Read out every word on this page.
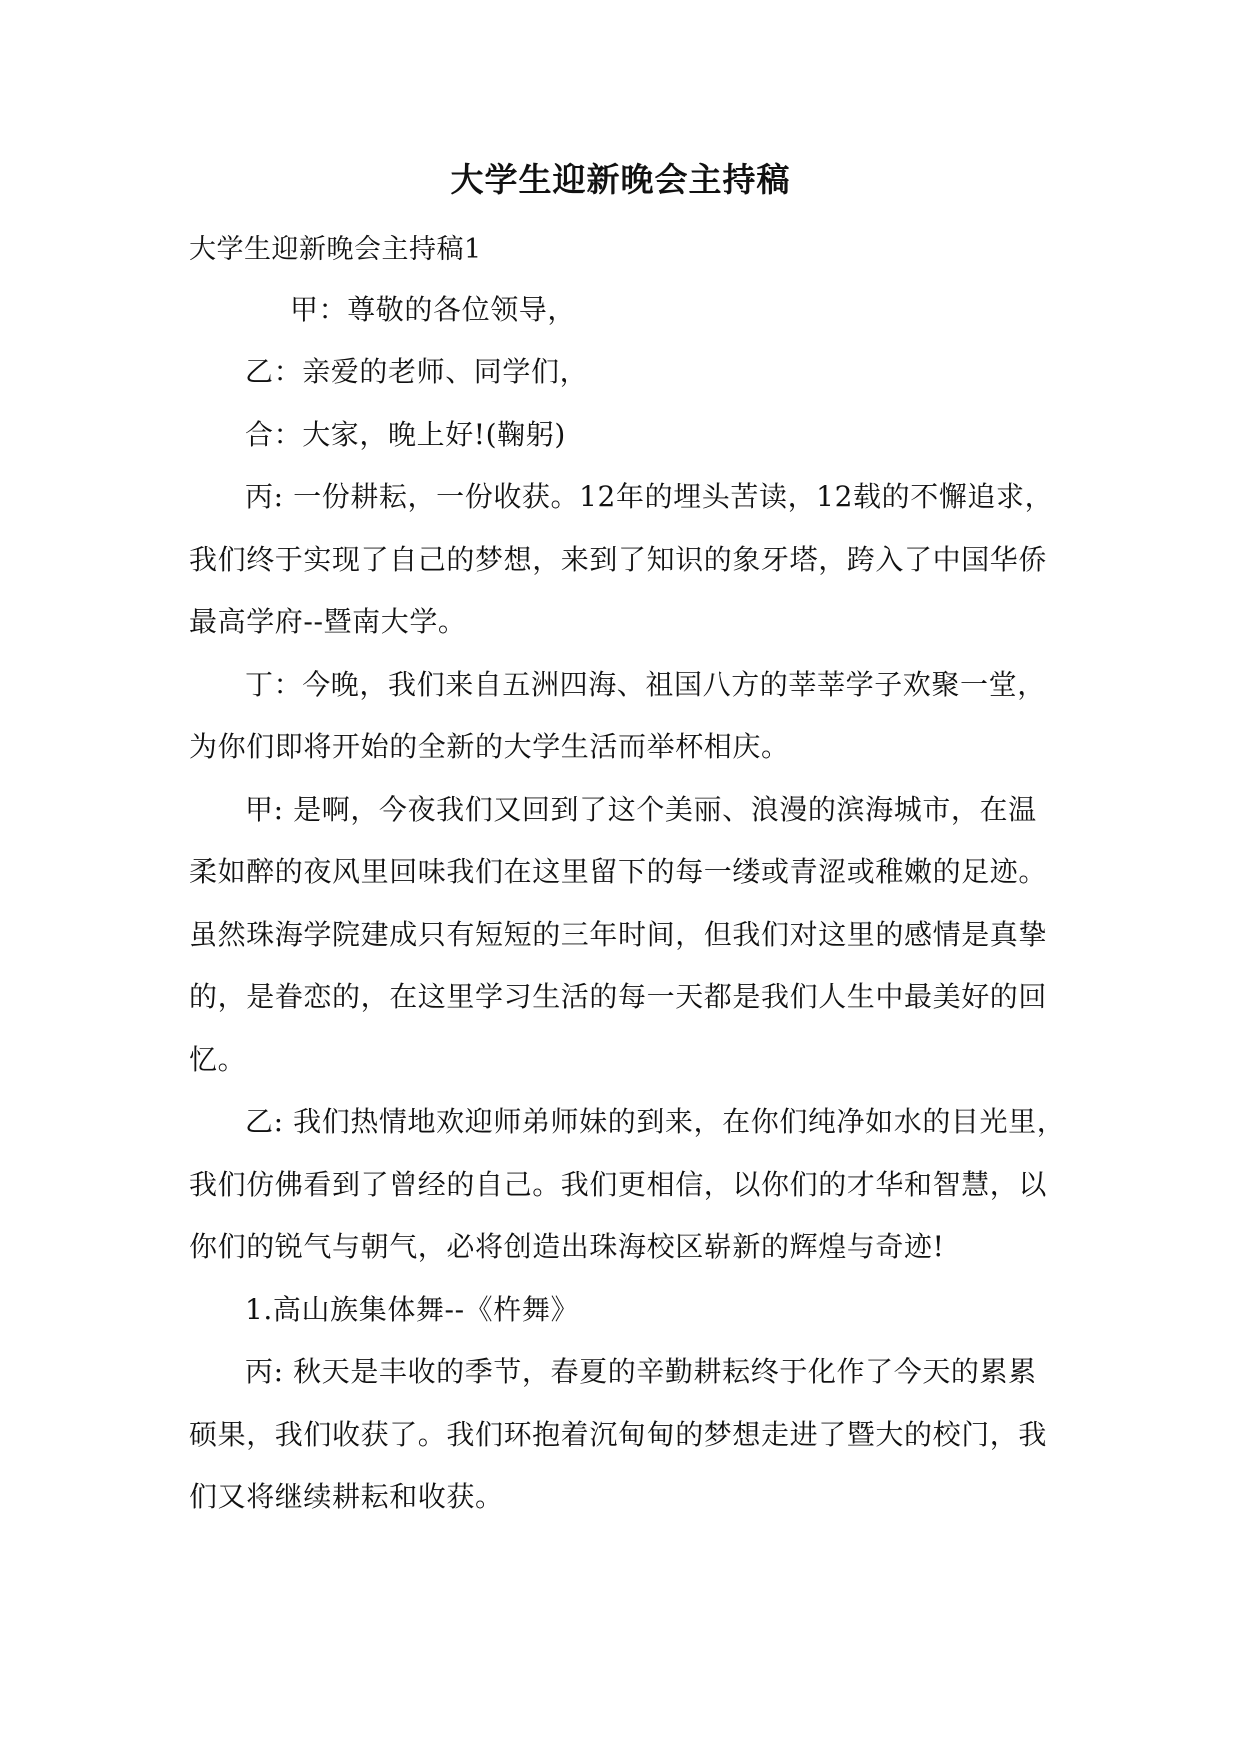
大学生迎新晚会主持稿
大学生迎新晚会主持稿1
甲：尊敬的各位领导，
乙：亲爱的老师、同学们，
合：大家，晚上好!(鞠躬)
丙: 一份耕耘，一份收获。12年的埋头苦读，12载的不懈追求，
我们终于实现了自己的梦想，来到了知识的象牙塔，跨入了中国华侨
最高学府--暨南大学。
丁：今晚，我们来自五洲四海、祖国八方的莘莘学子欢聚一堂，
为你们即将开始的全新的大学生活而举杯相庆。
甲: 是啊，今夜我们又回到了这个美丽、浪漫的滨海城市，在温
柔如醉的夜风里回味我们在这里留下的每一缕或青涩或稚嫩的足迹。
虽然珠海学院建成只有短短的三年时间，但我们对这里的感情是真挚
的，是眷恋的，在这里学习生活的每一天都是我们人生中最美好的回
忆。
乙: 我们热情地欢迎师弟师妹的到来，在你们纯净如水的目光里，
我们仿佛看到了曾经的自己。我们更相信，以你们的才华和智慧，以
你们的锐气与朝气，必将创造出珠海校区崭新的辉煌与奇迹!
1.高山族集体舞--《杵舞》
丙: 秋天是丰收的季节，春夏的辛勤耕耘终于化作了今天的累累
硕果，我们收获了。我们环抱着沉甸甸的梦想走进了暨大的校门，我
们又将继续耕耘和收获。
